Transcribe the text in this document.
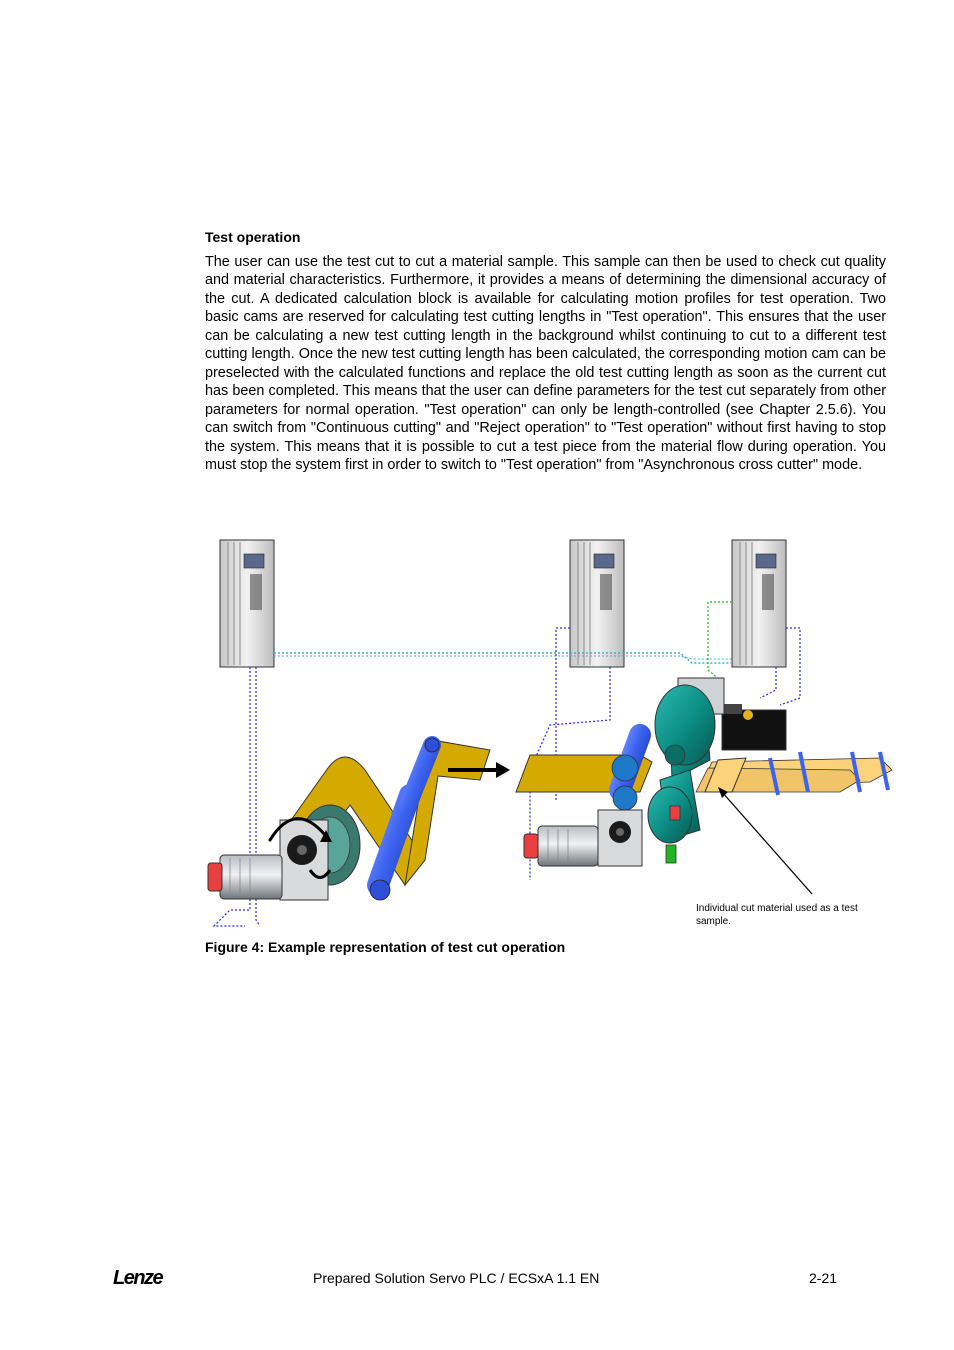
Test operation

The user can use the test cut to cut a material sample. This sample can then be used to check cut quality and material characteristics. Furthermore, it provides a means of determining the dimensional accuracy of the cut. A dedicated calculation block is available for calculating motion profiles for test operation. Two basic cams are reserved for calculating test cutting lengths in "Test operation". This ensures that the user can be calculating a new test cutting length in the background whilst continuing to cut to a different test cutting length. Once the new test cutting length has been calculated, the corresponding motion cam can be preselected with the calculated functions and replace the old test cutting length as soon as the current cut has been completed. This means that the user can define parameters for the test cut separately from other parameters for normal operation. "Test operation" can only be length-controlled (see Chapter 2.5.6). You can switch from "Continuous cutting" and "Reject operation" to "Test operation" without first having to stop the system. This means that it is possible to cut a test piece from the material flow during operation. You must stop the system first in order to switch to "Test operation" from "Asynchronous cross cutter" mode.

Figure 4: Example representation of test cut operation
Individual cut material used as a test sample.
Lenze	Prepared Solution Servo PLC / ECSxA 1.1 EN	2-21
